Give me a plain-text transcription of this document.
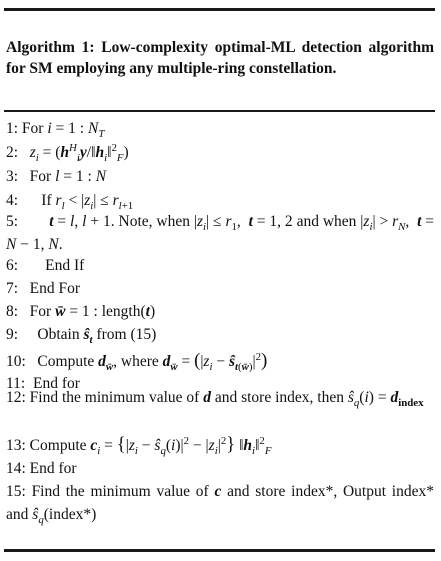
Algorithm 1: Low-complexity optimal-ML detection algorithm for SM employing any multiple-ring constellation.
1: For i = 1 : $N_T$
2:   $z_i$ = $(h^H_iy/‖h_i‖^2_F)$
3:   For l = 1 : N
4:      If $r_l < |z_i| \le r_{l+1}$
5:        t = l, l + 1. Note, when $|z_i| \le r_1$,  t = 1, 2 and when $|z_i| > r_N$,  t = N − 1, N.
6:       End If
7:   End For
8:   For w̄ = 1 : length(t)
9:     Obtain $ŝ_t$ from (15)
10:   Compute $d_{w̄}$, where $d_{w̄} = (|z_i$ − $ŝ_{t(w̄)}|^2$)
11:  End for
12: Find the minimum value of d and store index, then $ŝ_q(i) = d_{index}$
13: Compute $c_i = \{|z_i$ − $ŝ_q(i)|^2 - |z_i|^2$} $‖h_i‖^2_F$
14: End for
15: Find the minimum value of c and store index*, Output index* and $ŝ_q(index*)$
